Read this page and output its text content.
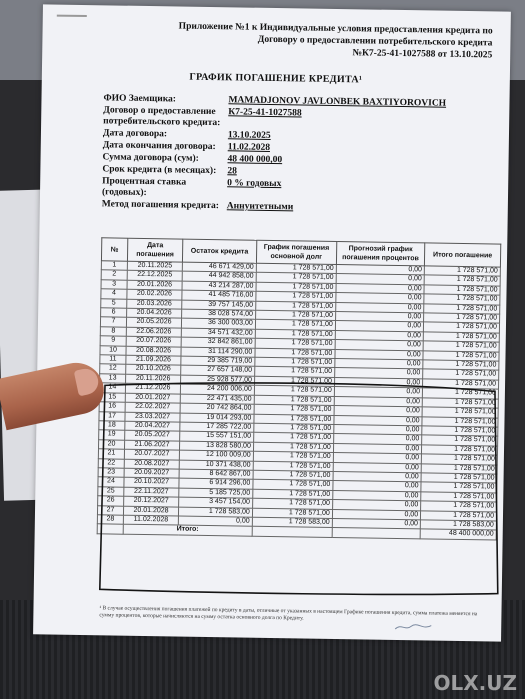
Приложение №1 к Индивидуальные условия предоставления кредита по
Договору о предоставлении потребительского кредита
№К7-25-41-1027588 от 13.10.2025
ГРАФИК ПОГАШЕНИЕ КРЕДИТА¹
ФИО Заемщика:	MAMADJONOV JAVLONBEK BAXTIYOROVICH
Договор о предоставление потребительского кредита:
К7-25-41-1027588
Дата договора:	13.10.2025
Дата окончания договора:	11.02.2028
Сумма договора (сум):	48 400 000,00
Срок кредита (в месяцах):	28
Процентная ставка (годовых):
0 % годовых
Метод погашения кредита: Аннуитетными
№	Дата погашения	Остаток кредита	График погашения основной долг	Прогнозий график погашения процентов	Итого погашение
1	20.11.2025	46 671 429,00	1 728 571,00	0,00	1 728 571,00
2	22.12.2025	44 942 858,00	1 728 571,00	0,00	1 728 571,00
3	20.01.2026	43 214 287,00	1 728 571,00	0,00	1 728 571,00
4	20.02.2026	41 485 716,00	1 728 571,00	0,00	1 728 571,00
5	20.03.2026	39 757 145,00	1 728 571,00	0,00	1 728 571,00
6	20.04.2026	38 028 574,00	1 728 571,00	0,00	1 728 571,00
7	20.05.2026	36 300 003,00	1 728 571,00	0,00	1 728 571,00
8	22.06.2026	34 571 432,00	1 728 571,00	0,00	1 728 571,00
9	20.07.2026	32 842 861,00	1 728 571,00	0,00	1 728 571,00
10	20.08.2026	31 114 290,00	1 728 571,00	0,00	1 728 571,00
11	21.09.2026	29 385 719,00	1 728 571,00	0,00	1 728 571,00
12	20.10.2026	27 657 148,00	1 728 571,00	0,00	1 728 571,00
13	20.11.2026	25 928 577,00	1 728 571,00	0,00	1 728 571,00
14	21.12.2026	24 200 006,00	1 728 571,00	0,00	1 728 571,00
15	20.01.2027	22 471 435,00	1 728 571,00	0,00	1 728 571,00
16	22.02.2027	20 742 864,00	1 728 571,00	0,00	1 728 571,00
17	23.03.2027	19 014 293,00	1 728 571,00	0,00	1 728 571,00
18	20.04.2027	17 285 722,00	1 728 571,00	0,00	1 728 571,00
19	20.05.2027	15 557 151,00	1 728 571,00	0,00	1 728 571,00
20	21.06.2027	13 828 580,00	1 728 571,00	0,00	1 728 571,00
21	20.07.2027	12 100 009,00	1 728 571,00	0,00	1 728 571,00
22	20.08.2027	10 371 438,00	1 728 571,00	0,00	1 728 571,00
23	20.09.2027	8 642 867,00	1 728 571,00	0,00	1 728 571,00
24	20.10.2027	6 914 296,00	1 728 571,00	0,00	1 728 571,00
25	22.11.2027	5 185 725,00	1 728 571,00	0,00	1 728 571,00
26	20.12.2027	3 457 154,00	1 728 571,00	0,00	1 728 571,00
27	20.01.2028	1 728 583,00	1 728 571,00	0,00	1 728 571,00
28	11.02.2028	0,00	1 728 583,00	0,00	1 728 583,00
	Итого:				48 400 000,00
¹ В случае осуществления погашения платежей по кредиту в даты, отличные от указанных в настоящем Графике погашения кредита, сумма платежа меняется на сумму процентов, которые начисляются на сумму остатка основного долга по Кредиту.
OLX.UZ
